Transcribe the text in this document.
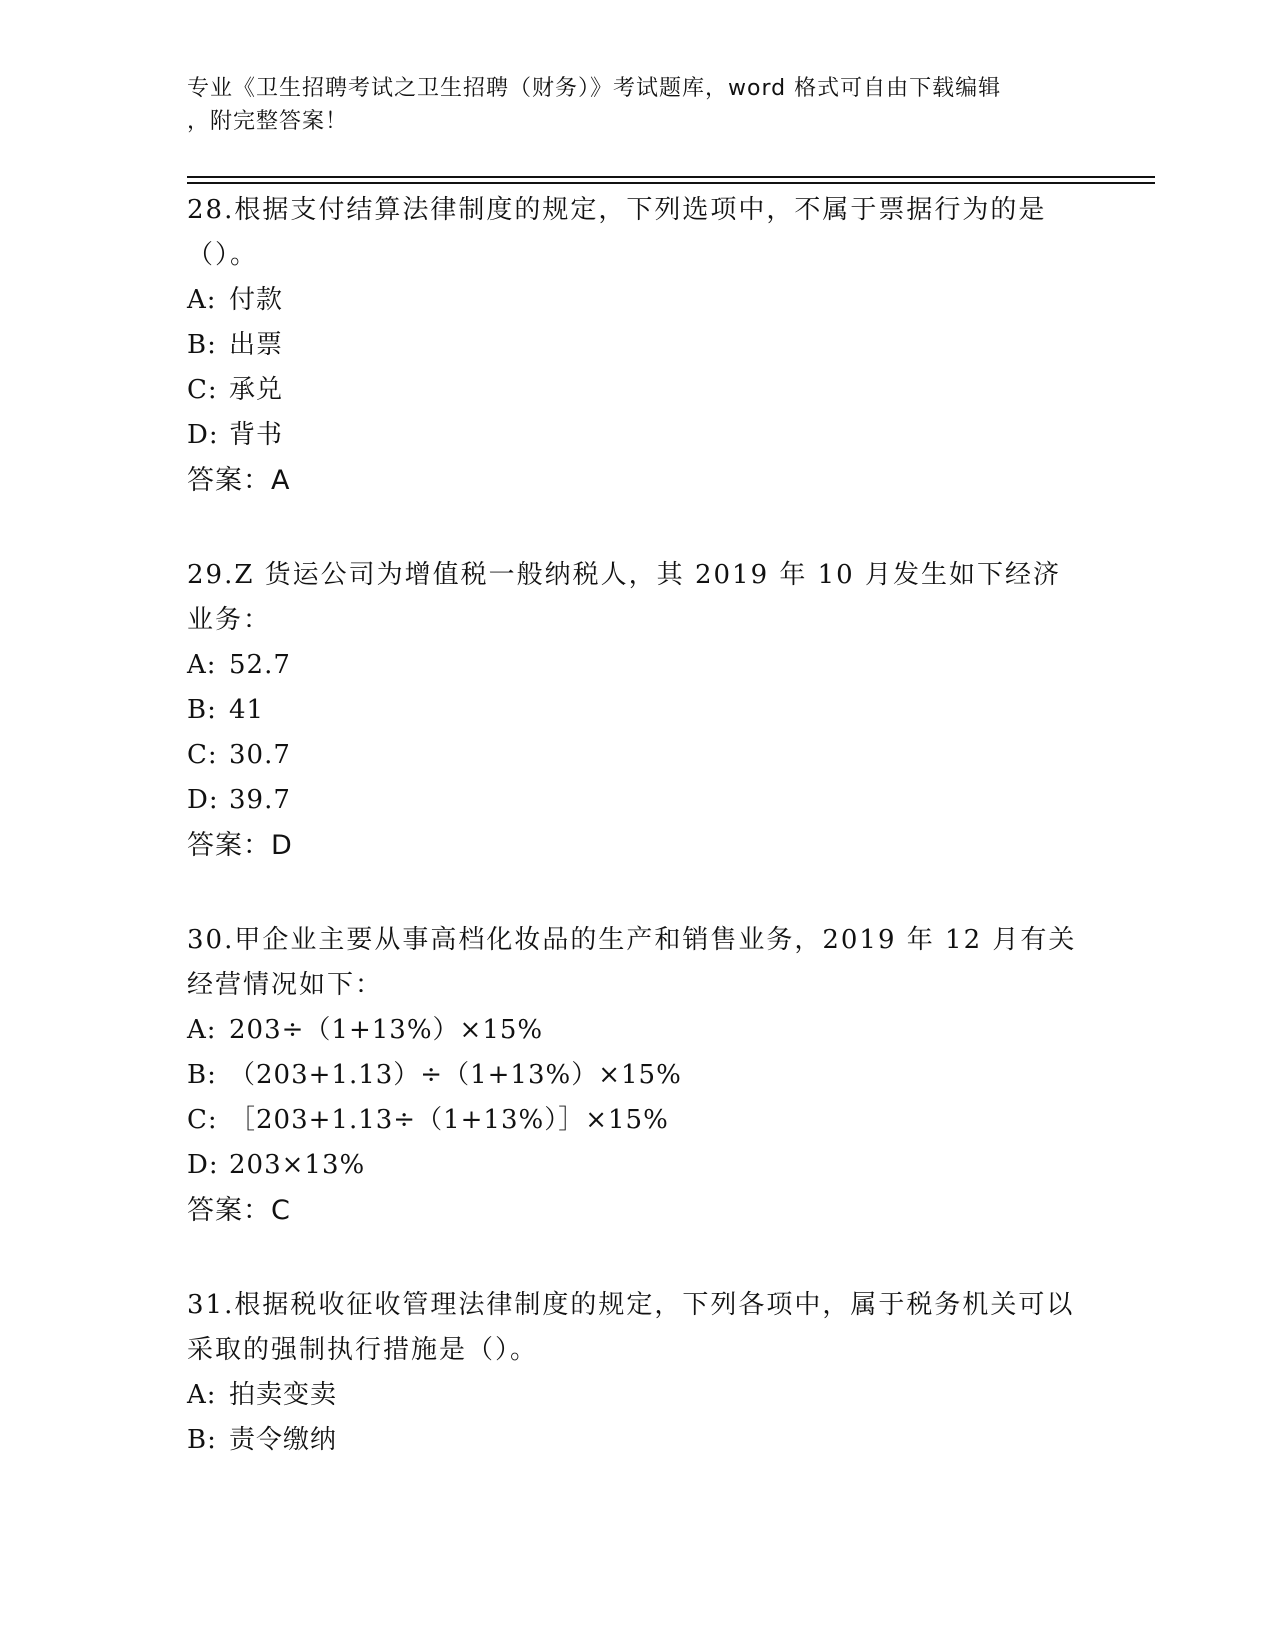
专业《卫生招聘考试之卫生招聘（财务）》考试题库，word 格式可自由下载编辑
，附完整答案！
28.根据支付结算法律制度的规定，下列选项中，不属于票据行为的是（）。
A: 付款
B: 出票
C: 承兑
D: 背书
答案：A
29.Z 货运公司为增值税一般纳税人，其 2019 年 10 月发生如下经济业务：
A: 52.7
B: 41
C: 30.7
D: 39.7
答案：D
30.甲企业主要从事高档化妆品的生产和销售业务，2019 年 12 月有关经营情况如下：
A: 203÷（1+13%）×15%
B: （203+1.13）÷（1+13%）×15%
C: ［203+1.13÷（1+13%）］×15%
D: 203×13%
答案：C
31.根据税收征收管理法律制度的规定，下列各项中，属于税务机关可以采取的强制执行措施是（）。
A: 拍卖变卖
B: 责令缴纳
